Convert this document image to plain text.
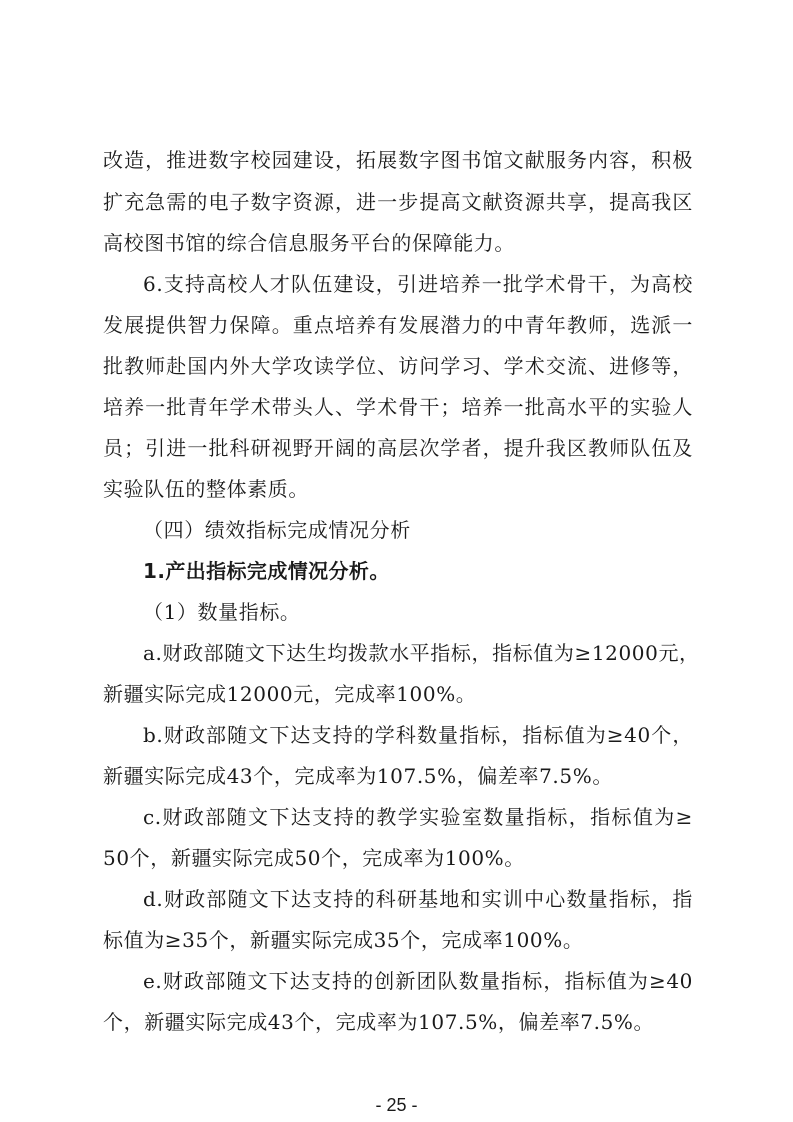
改造，推进数字校园建设，拓展数字图书馆文献服务内容，积极
扩充急需的电子数字资源，进一步提高文献资源共享，提高我区
高校图书馆的综合信息服务平台的保障能力。
6.支持高校人才队伍建设，引进培养一批学术骨干，为高校
发展提供智力保障。重点培养有发展潜力的中青年教师，选派一
批教师赴国内外大学攻读学位、访问学习、学术交流、进修等，
培养一批青年学术带头人、学术骨干；培养一批高水平的实验人
员；引进一批科研视野开阔的高层次学者，提升我区教师队伍及
实验队伍的整体素质。
（四）绩效指标完成情况分析
1.产出指标完成情况分析。
（1）数量指标。
a.财政部随文下达生均拨款水平指标，指标值为≥12000元，
新疆实际完成12000元，完成率100%。
b.财政部随文下达支持的学科数量指标，指标值为≥40个，
新疆实际完成43个，完成率为107.5%，偏差率7.5%。
c.财政部随文下达支持的教学实验室数量指标，指标值为≥
50个，新疆实际完成50个，完成率为100%。
d.财政部随文下达支持的科研基地和实训中心数量指标，指
标值为≥35个，新疆实际完成35个，完成率100%。
e.财政部随文下达支持的创新团队数量指标，指标值为≥40
个，新疆实际完成43个，完成率为107.5%，偏差率7.5%。
- 25 -
